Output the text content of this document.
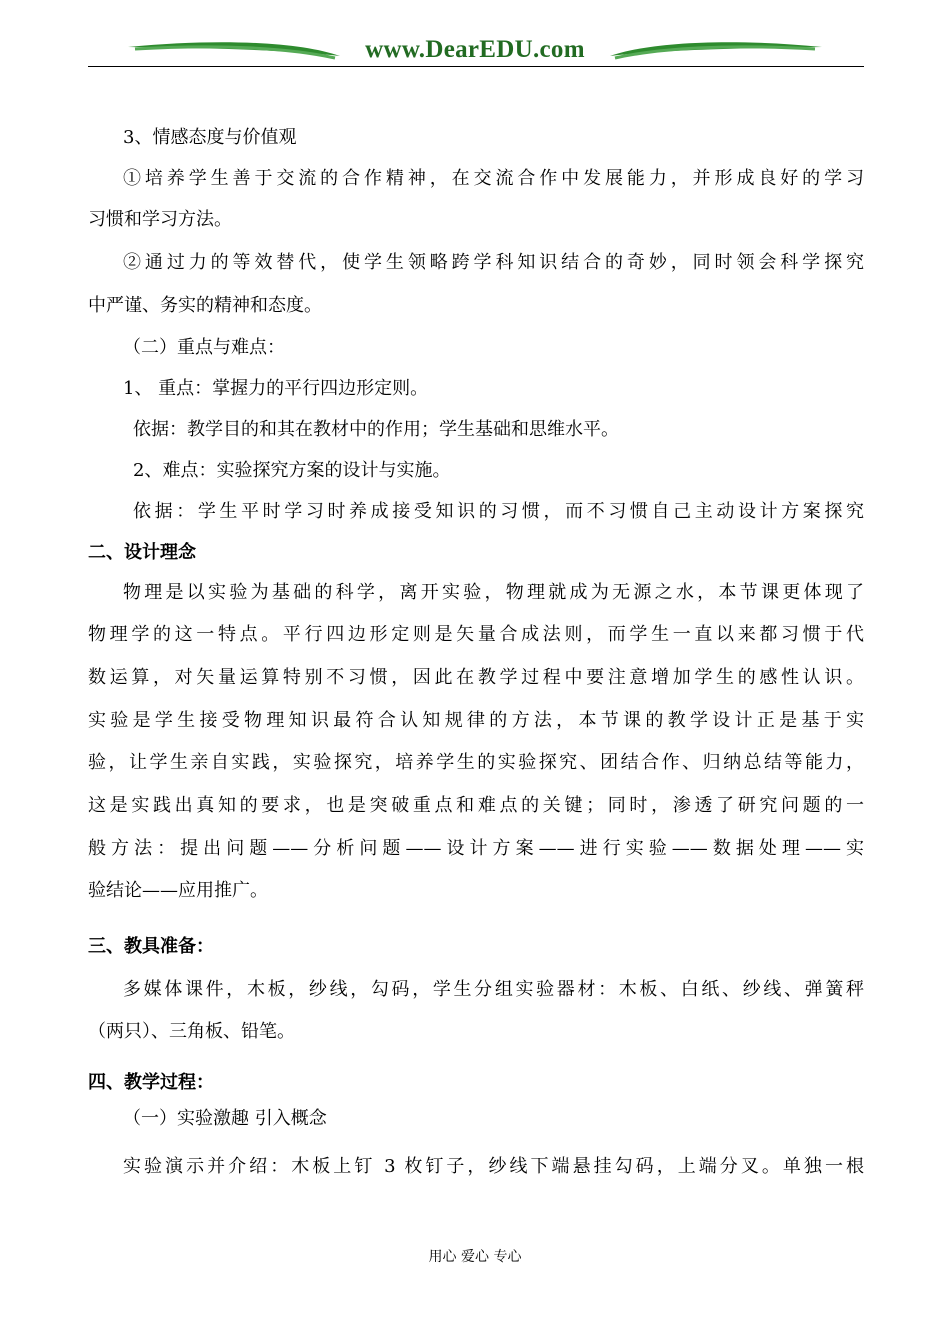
www.DearEDU.com
3、情感态度与价值观
①培养学生善于交流的合作精神，在交流合作中发展能力，并形成良好的学习
习惯和学习方法。
②通过力的等效替代，使学生领略跨学科知识结合的奇妙，同时领会科学探究
中严谨、务实的精神和态度。
（二）重点与难点：
1、 重点：掌握力的平行四边形定则。
依据：教学目的和其在教材中的作用；学生基础和思维水平。
2、难点：实验探究方案的设计与实施。
依据：学生平时学习时养成接受知识的习惯，而不习惯自己主动设计方案探究
二、设计理念
物理是以实验为基础的科学，离开实验，物理就成为无源之水，本节课更体现了
物理学的这一特点。平行四边形定则是矢量合成法则，而学生一直以来都习惯于代
数运算，对矢量运算特别不习惯，因此在教学过程中要注意增加学生的感性认识。
实验是学生接受物理知识最符合认知规律的方法，本节课的教学设计正是基于实
验，让学生亲自实践，实验探究，培养学生的实验探究、团结合作、归纳总结等能力，
这是实践出真知的要求，也是突破重点和难点的关键；同时，渗透了研究问题的一
般方法：提出问题——分析问题——设计方案——进行实验——数据处理——实
验结论——应用推广。
三、教具准备：
多媒体课件，木板，纱线，勾码，学生分组实验器材：木板、白纸、纱线、弹簧秤
（两只）、三角板、铅笔。
四、教学过程：
（一）实验激趣 引入概念
实验演示并介绍：木板上钉 3 枚钉子，纱线下端悬挂勾码，上端分叉。单独一根
用心 爱心 专心
